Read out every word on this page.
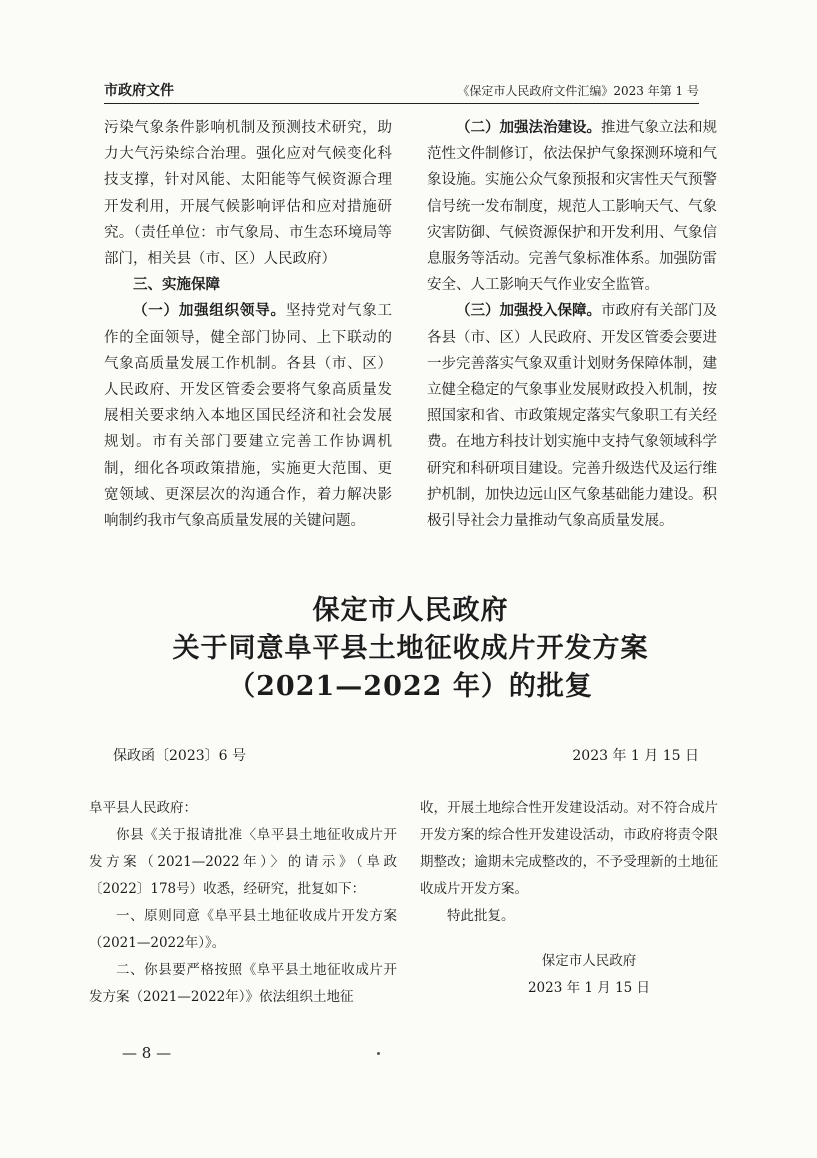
市政府文件	《保定市人民政府文件汇编》2023 年第 1 号

污染气象条件影响机制及预测技术研究，助力大气污染综合治理。强化应对气候变化科技支撑，针对风能、太阳能等气候资源合理开发利用，开展气候影响评估和应对措施研究。（责任单位：市气象局、市生态环境局等部门，相关县（市、区）人民政府）

三、实施保障

（一）加强组织领导。坚持党对气象工作的全面领导，健全部门协同、上下联动的气象高质量发展工作机制。各县（市、区）人民政府、开发区管委会要将气象高质量发展相关要求纳入本地区国民经济和社会发展规划。市有关部门要建立完善工作协调机制，细化各项政策措施，实施更大范围、更宽领域、更深层次的沟通合作，着力解决影响制约我市气象高质量发展的关键问题。

（二）加强法治建设。推进气象立法和规范性文件制修订，依法保护气象探测环境和气象设施。实施公众气象预报和灾害性天气预警信号统一发布制度，规范人工影响天气、气象灾害防御、气候资源保护和开发利用、气象信息服务等活动。完善气象标准体系。加强防雷安全、人工影响天气作业安全监管。

（三）加强投入保障。市政府有关部门及各县（市、区）人民政府、开发区管委会要进一步完善落实气象双重计划财务保障体制，建立健全稳定的气象事业发展财政投入机制，按照国家和省、市政策规定落实气象职工有关经费。在地方科技计划实施中支持气象领域科学研究和科研项目建设。完善升级迭代及运行维护机制，加快边远山区气象基础能力建设。积极引导社会力量推动气象高质量发展。

保定市人民政府
关于同意阜平县土地征收成片开发方案
（2021—2022 年）的批复
保政函〔2023〕6 号	2023 年 1 月 15 日

阜平县人民政府：

你县《关于报请批准〈阜平县土地征收成片开发方案（2021—2022年）〉的请示》（阜政〔2022〕178号）收悉，经研究，批复如下：

一、原则同意《阜平县土地征收成片开发方案（2021—2022年）》。

二、你县要严格按照《阜平县土地征收成片开发方案（2021—2022年）》依法组织土地征

收，开展土地综合性开发建设活动。对不符合成片开发方案的综合性开发建设活动，市政府将责令限期整改；逾期未完成整改的，不予受理新的土地征收成片开发方案。

特此批复。

保定市人民政府

2023 年 1 月 15 日

— 8 —
